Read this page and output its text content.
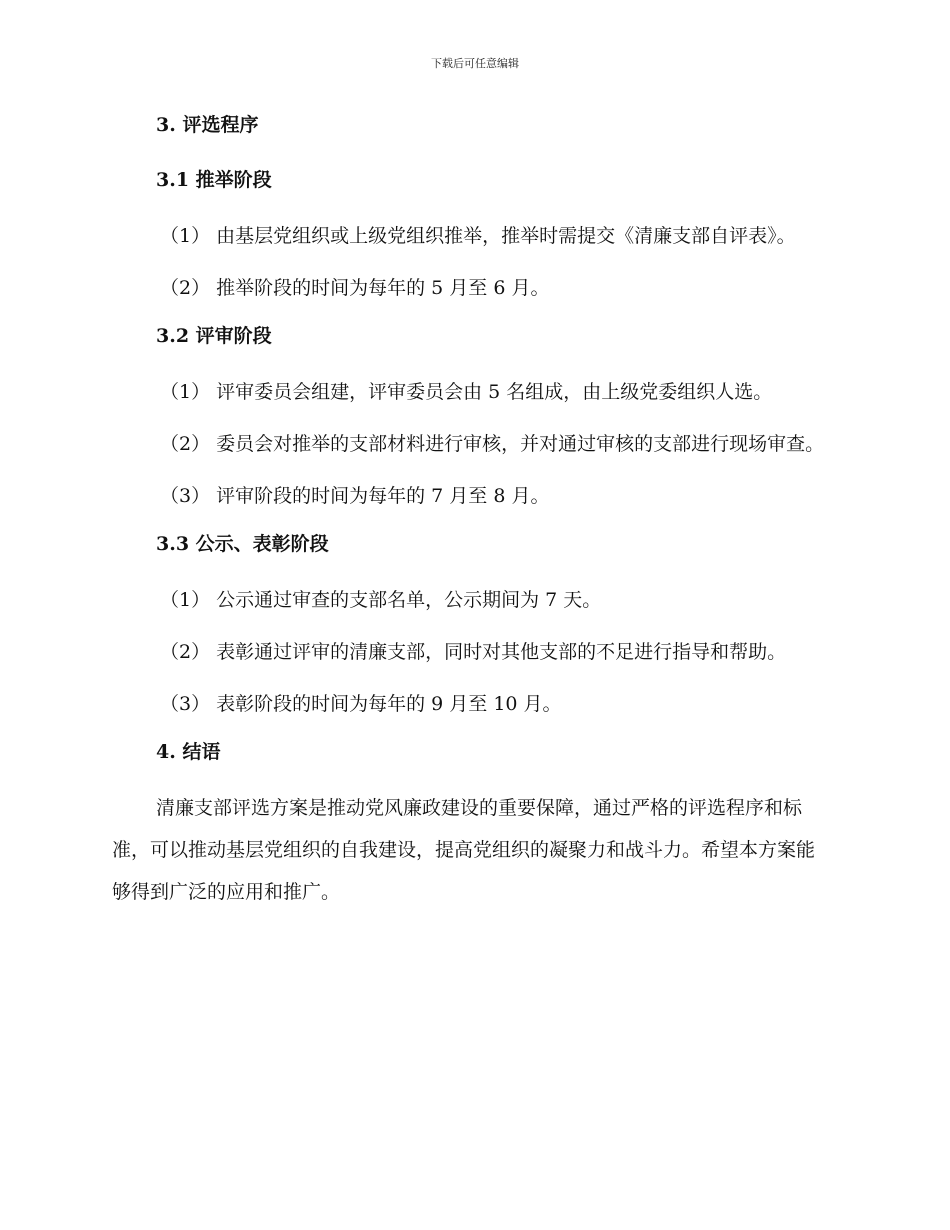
下载后可任意编辑
3. 评选程序
3.1 推举阶段

（1） 由基层党组织或上级党组织推举，推举时需提交《清廉支部自评表》。

（2） 推举阶段的时间为每年的 5 月至 6 月。

3.2 评审阶段

（1） 评审委员会组建，评审委员会由 5 名组成，由上级党委组织人选。

（2） 委员会对推举的支部材料进行审核，并对通过审核的支部进行现场审查。

（3） 评审阶段的时间为每年的 7 月至 8 月。

3.3 公示、表彰阶段

（1） 公示通过审查的支部名单，公示期间为 7 天。

（2） 表彰通过评审的清廉支部，同时对其他支部的不足进行指导和帮助。

（3） 表彰阶段的时间为每年的 9 月至 10 月。

4. 结语

清廉支部评选方案是推动党风廉政建设的重要保障，通过严格的评选程序和标准，可以推动基层党组织的自我建设，提高党组织的凝聚力和战斗力。希望本方案能够得到广泛的应用和推广。
